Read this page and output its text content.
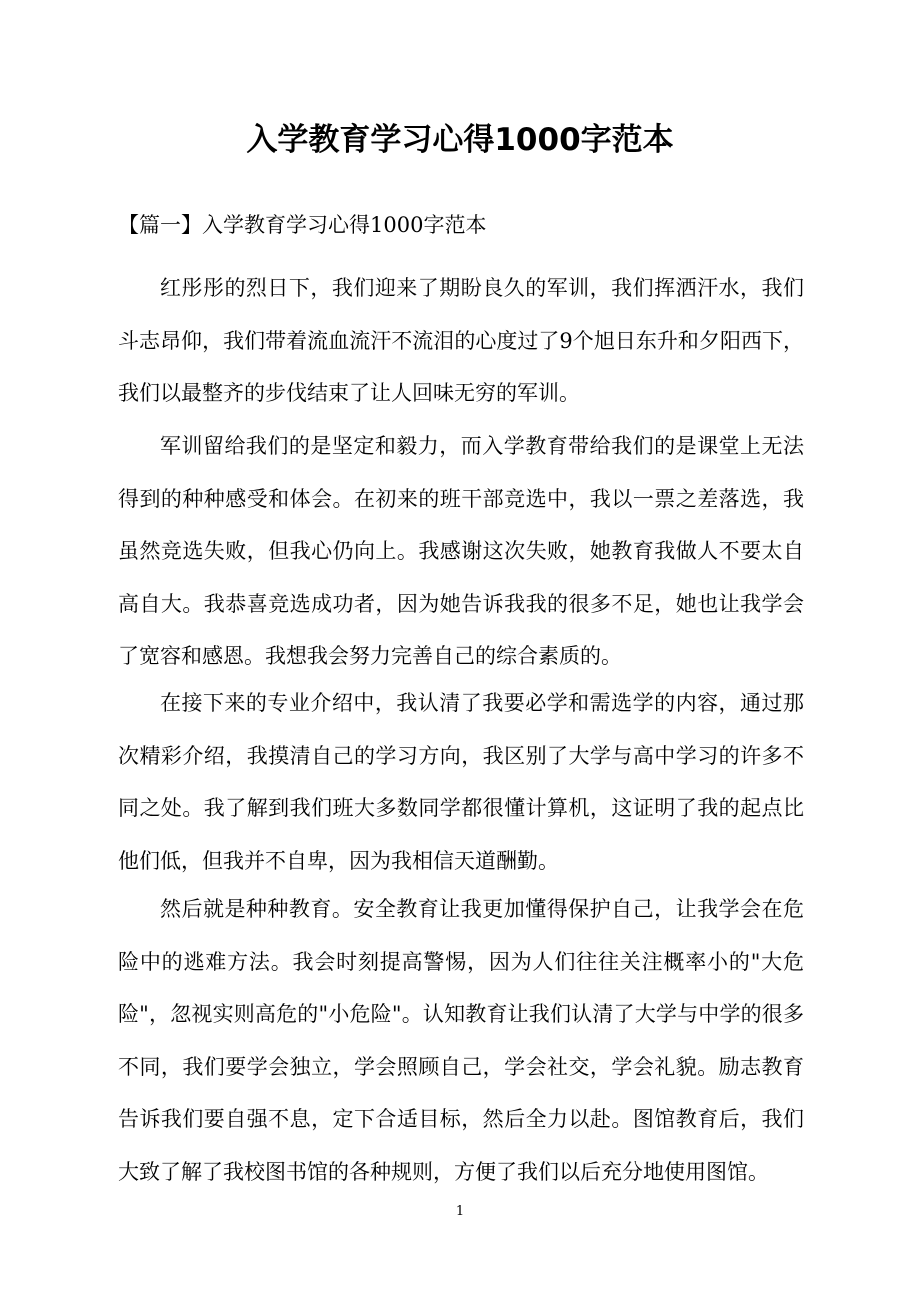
入学教育学习心得1000字范本

【篇一】入学教育学习心得1000字范本

红彤彤的烈日下，我们迎来了期盼良久的军训，我们挥洒汗水，我们斗志昂仰，我们带着流血流汗不流泪的心度过了9个旭日东升和夕阳西下，我们以最整齐的步伐结束了让人回味无穷的军训。

军训留给我们的是坚定和毅力，而入学教育带给我们的是课堂上无法得到的种种感受和体会。在初来的班干部竞选中，我以一票之差落选，我虽然竞选失败，但我心仍向上。我感谢这次失败，她教育我做人不要太自高自大。我恭喜竞选成功者，因为她告诉我我的很多不足，她也让我学会了宽容和感恩。我想我会努力完善自己的综合素质的。

在接下来的专业介绍中，我认清了我要必学和需选学的内容，通过那次精彩介绍，我摸清自己的学习方向，我区别了大学与高中学习的许多不同之处。我了解到我们班大多数同学都很懂计算机，这证明了我的起点比他们低，但我并不自卑，因为我相信天道酬勤。

然后就是种种教育。安全教育让我更加懂得保护自己，让我学会在危险中的逃难方法。我会时刻提高警惕，因为人们往往关注概率小的"大危险"，忽视实则高危的"小危险"。认知教育让我们认清了大学与中学的很多不同，我们要学会独立，学会照顾自己，学会社交，学会礼貌。励志教育告诉我们要自强不息，定下合适目标，然后全力以赴。图馆教育后，我们大致了解了我校图书馆的各种规则，方便了我们以后充分地使用图馆。

1
